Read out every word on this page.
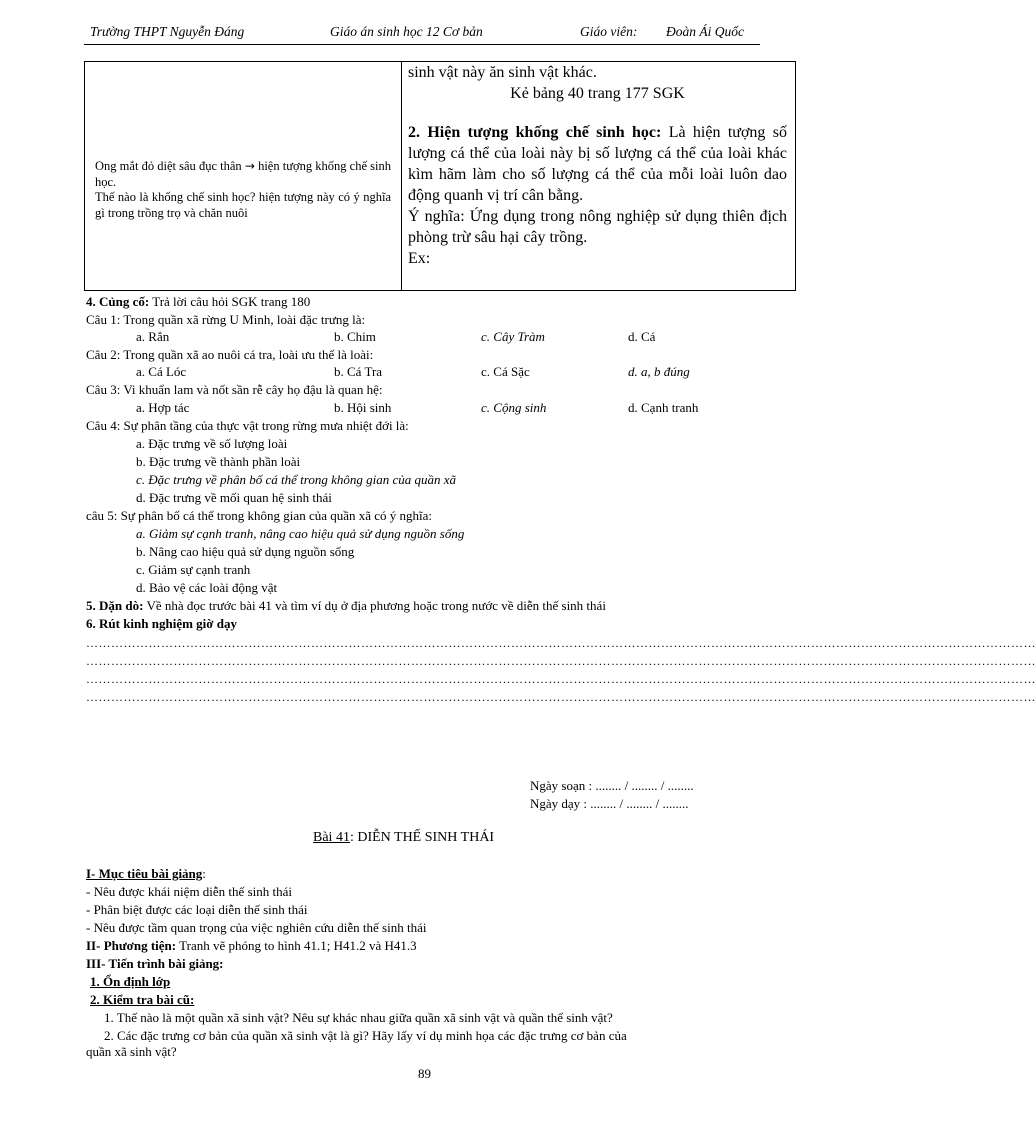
Trường THPT Nguyễn Đáng	Giáo án sinh học 12 Cơ bản	Giáo viên: Đoàn Ái Quốc
Ong mắt đỏ diệt sâu đục thân → hiện tượng khống chế sinh học.
Thế nào là khống chế sinh học? hiện tượng này có ý nghĩa gì trong trồng trọ và chăn nuôi

sinh vật này ăn sinh vật khác.
Kẻ bảng 40 trang 177 SGK
2. Hiện tượng khống chế sinh học: Là hiện tượng số lượng cá thể của loài này bị số lượng cá thể của loài khác kìm hãm làm cho số lượng cá thể của mỗi loài luôn dao động quanh vị trí cân bằng.
Ý nghĩa: Ứng dụng trong nông nghiệp sử dụng thiên địch phòng trừ sâu hại cây trồng.
Ex:
4. Củng cố: Trả lời câu hỏi SGK trang 180
Câu 1: Trong quần xã rừng U Minh, loài đặc trưng là:
a. Rắn	b. Chim	c. Cây Tràm	d. Cá
Câu 2: Trong quần xã ao nuôi cá tra, loài ưu thế là loài:
a. Cá Lóc	b. Cá Tra	c. Cá Sặc	d. a, b đúng
Câu 3: Vi khuẩn lam và nốt sần rễ cây họ đậu là quan hệ:
a. Hợp tác	b. Hội sinh	c. Cộng sinh	d. Cạnh tranh
Câu 4: Sự phân tầng của thực vật trong rừng mưa nhiệt đới là:
a. Đặc trưng về số lượng loài
b. Đặc trưng về thành phần loài
c. Đặc trưng về phân bố cá thể trong không gian của quần xã
d. Đặc trưng về mối quan hệ sinh thái
câu 5: Sự phân bố cá thể trong không gian của quần xã có ý nghĩa:
a. Giảm sự cạnh tranh, nâng cao hiệu quả sử dụng nguồn sống
b. Nâng cao hiệu quả sử dụng nguồn sống
c. Giảm sự cạnh tranh
d. Bảo vệ các loài động vật
5. Dặn dò: Về nhà đọc trước bài 41 và tìm ví dụ ở địa phương hoặc trong nước về diễn thế sinh thái
6. Rút kinh nghiệm giờ dạy
…………………………………………………………………………………………………………………………………………………………………………………………………………
…………………………………………………………………………………………………………………………………………………………………………………………………………
…………………………………………………………………………………………………………………………………………………………………………………………………………
…………………………………………………………………………………………………………………………………………………………………………………………………………
Ngày soạn : ........ / ........ / ........
Ngày dạy : ........ / ........ / ........
Bài 41: DIỄN THẾ SINH THÁI
I- Mục tiêu bài giảng:
- Nêu được khái niệm diễn thế sinh thái
- Phân biệt được các loại diễn thế sinh thái
- Nêu được tầm quan trọng của việc nghiên cứu diễn thế sinh thái
II- Phương tiện: Tranh vẽ phóng to hình 41.1; H41.2 và H41.3
III- Tiến trình bài giảng:
1. Ổn định lớp
2. Kiểm tra bài cũ:
1. Thế nào là một quần xã sinh vật? Nêu sự khác nhau giữa quần xã sinh vật và quần thể sinh vật?
2. Các đặc trưng cơ bản của quần xã sinh vật là gì? Hãy lấy ví dụ minh họa các đặc trưng cơ bản của
quần xã sinh vật?
89
